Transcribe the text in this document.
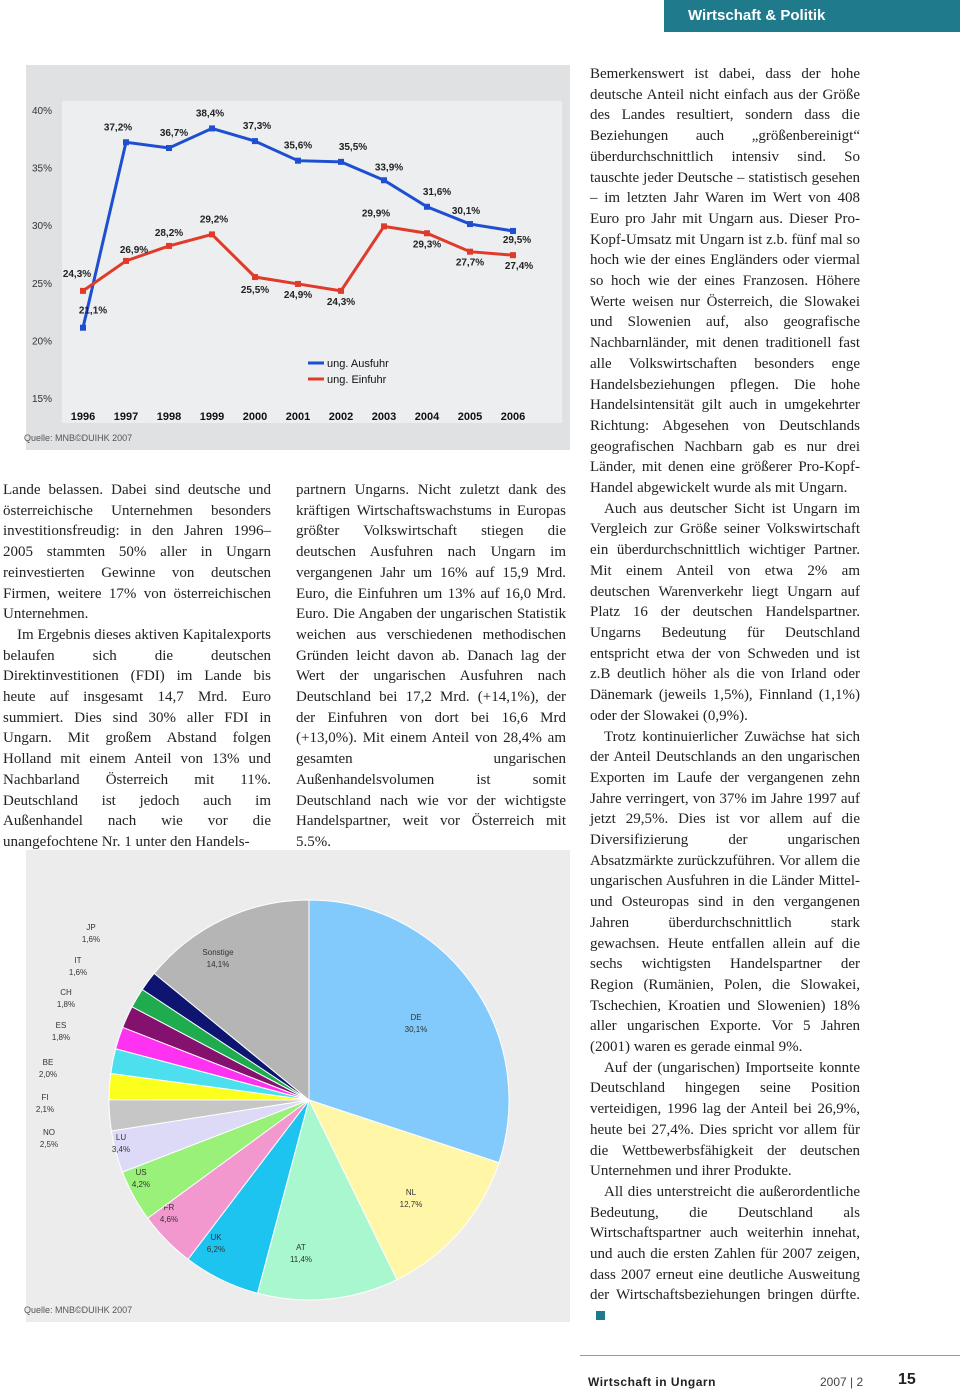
Wirtschaft & Politik
15%
20%
25%
30%
35%
40%
1996 1997 1998 1999 2000 2001 2002 2003 2004 2005 2006
21,1%
37,2%
36,7%
38,4%
37,3%
35,6%	35,5%
33,9%
31,6%
30,1%
29,5%
24,3%
26,9%
28,2%
29,2%
25,5% 24,9%
24,3%
29,9%
29,3%
27,7% 27,4%
ung. Ausfuhr
ung. Einfuhr
Quelle: MNB©DUIHK 2007

Lande belassen. Dabei sind deutsche und österreichische Unternehmen besonders investitionsfreudig: in den Jahren 1996–2005 stammten 50% aller in Ungarn reinvestierten Gewinne von deutschen Firmen, weitere 17% von österreichischen Unternehmen.

Im Ergebnis dieses aktiven Kapitalexports belaufen sich die deutschen Direktinvestitionen (FDI) im Lande bis heute auf insgesamt 14,7 Mrd. Euro summiert. Dies sind 30% aller FDI in Ungarn. Mit großem Abstand folgen Holland mit einem Anteil von 13% und Nachbarland Österreich mit 11%. Deutschland ist jedoch auch im Außenhandel nach wie vor die unangefochtene Nr. 1 unter den Handels-

partnern Ungarns. Nicht zuletzt dank des kräftigen Wirtschaftswachstums in Europas größter Volkswirtschaft stiegen die deutschen Ausfuhren nach Ungarn im vergangenen Jahr um 16% auf 15,9 Mrd. Euro, die Einfuhren um 13% auf 16,0 Mrd. Euro. Die Angaben der ungarischen Statistik weichen aus verschiedenen methodischen Gründen leicht davon ab. Danach lag der Wert der ungarischen Ausfuhren nach Deutschland bei 17,2 Mrd. (+14,1%), der der Einfuhren von dort bei 16,6 Mrd (+13,0%). Mit einem Anteil von 28,4% am gesamten ungarischen Außenhandelsvolumen ist somit Deutschland nach wie vor der wichtigste Handelspartner, weit vor Österreich mit 5.5%.

Bemerkenswert ist dabei, dass der hohe deutsche Anteil nicht einfach aus der Größe des Landes resultiert, sondern dass die Beziehungen auch „größenbereinigt“ überdurchschnittlich intensiv sind. So tauschte jeder Deutsche – statistisch gesehen – im letzten Jahr Waren im Wert von 408 Euro pro Jahr mit Ungarn aus. Dieser Pro-Kopf-Umsatz mit Ungarn ist z.b. fünf mal so hoch wie der eines Engländers oder viermal so hoch wie der eines Franzosen. Höhere Werte weisen nur Österreich, die Slowakei und Slowenien auf, also geografische Nachbarnländer, mit denen traditionell fast alle Volkswirtschaften besonders enge Handelsbeziehungen pflegen. Die hohe Handelsintensität gilt auch in umgekehrter Richtung: Abgesehen von Deutschlands geografischen Nachbarn gab es nur drei Länder, mit denen eine größerer Pro-Kopf-Handel abgewickelt wurde als mit Ungarn.

Auch aus deutscher Sicht ist Ungarn im Vergleich zur Größe seiner Volkswirtschaft ein überdurchschnittlich wichtiger Partner. Mit einem Anteil von etwa 2% am deutschen Warenverkehr liegt Ungarn auf Platz 16 der deutschen Handelspartner. Ungarns Bedeutung für Deutschland entspricht etwa der von Schweden und ist z.B deutlich höher als die von Irland oder Dänemark (jeweils 1,5%), Finnland (1,1%) oder der Slowakei (0,9%).

Trotz kontinuierlicher Zuwächse hat sich der Anteil Deutschlands an den ungarischen Exporten im Laufe der vergangenen zehn Jahre verringert, von 37% im Jahre 1997 auf jetzt 29,5%. Dies ist vor allem auf die Diversifizierung der ungarischen Absatzmärkte zurückzuführen. Vor allem die ungarischen Ausfuhren in die Länder Mittel- und Osteuropas sind in den vergangenen Jahren überdurchschnittlich stark gewachsen. Heute entfallen allein auf die sechs wichtigsten Handelspartner der Region (Rumänien, Polen, die Slowakei, Tschechien, Kroatien und Slowenien) 18% aller ungarischen Exporte. Vor 5 Jahren (2001) waren es gerade einmal 9%.

Auf der (ungarischen) Importseite konnte Deutschland hingegen seine Position verteidigen, 1996 lag der Anteil bei 26,9%, heute bei 27,4%. Dies spricht vor allem für die Wettbewerbsfähigkeit der deutschen Unternehmen und ihrer Produkte.

All dies unterstreicht die außerordentliche Bedeutung, die Deutschland als Wirtschaftspartner auch weiterhin innehat, und auch die ersten Zahlen für 2007 zeigen, dass 2007 erneut eine deutliche Ausweitung der Wirtschaftsbeziehungen bringen dürfte.

DE
30,1%
NL
12,7%
AT
11,4%
UK
6,2%
FR
4,6%
US
4,2%
LU
3,4%
NO
2,5%
FI
2,1%
BE
2,0%
ES
1,8%
CH
1,8%
IT
1,6%
JP
1,6%
Sonstige
14,1%
Quelle: MNB©DUIHK 2007
Wirtschaft in Ungarn	2007 | 2 15
